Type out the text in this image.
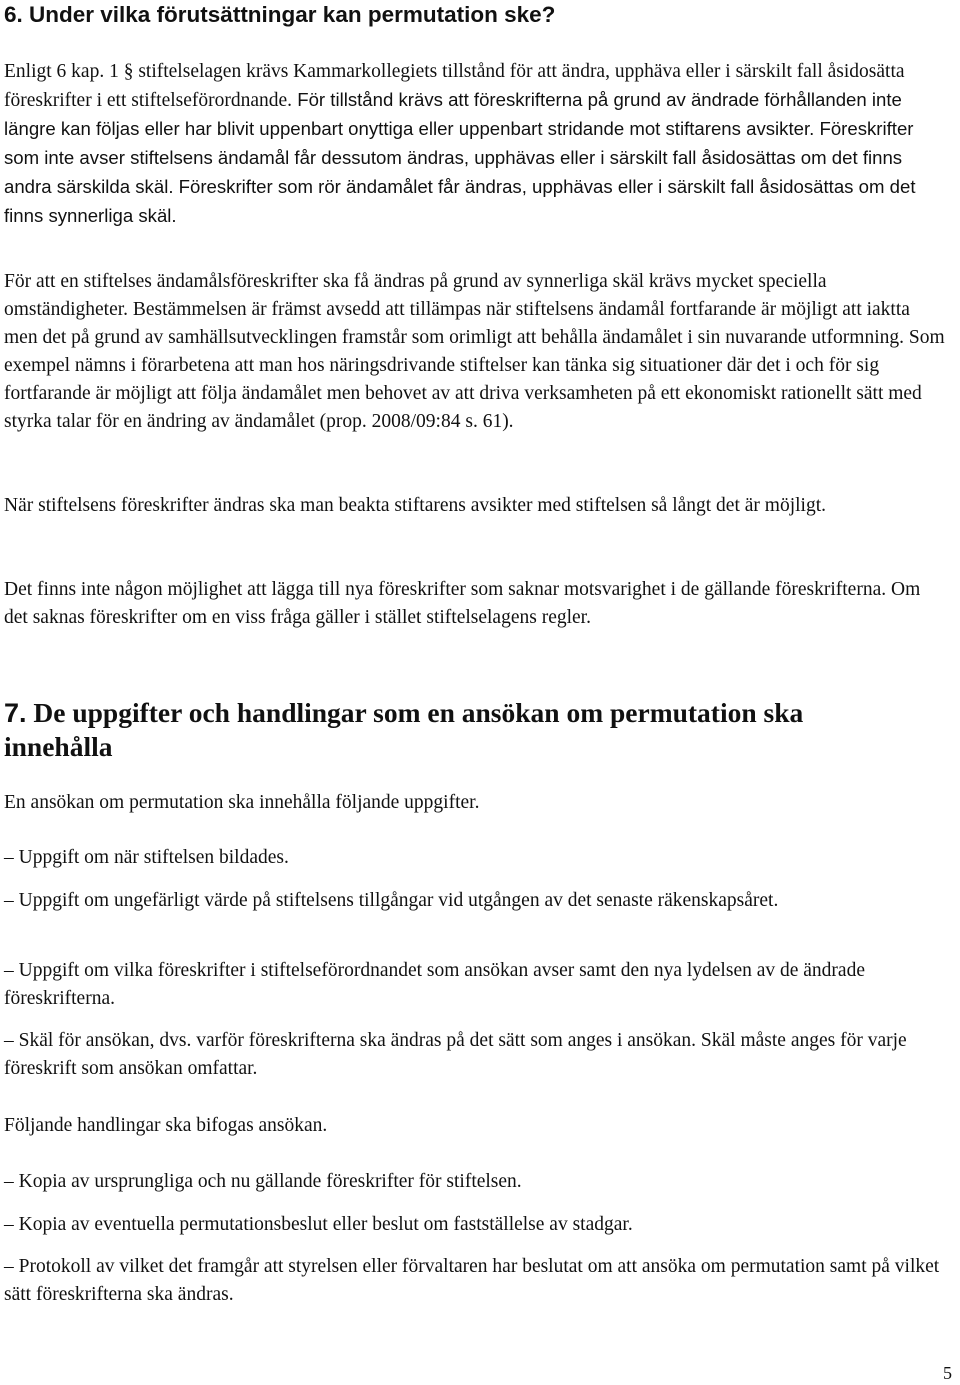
6. Under vilka förutsättningar kan permutation ske?

Enligt 6 kap. 1 § stiftelselagen krävs Kammarkollegiets tillstånd för att ändra, upphäva eller i särskilt fall åsidosätta föreskrifter i ett stiftelseförordnande. För tillstånd krävs att föreskrifterna på grund av ändrade förhållanden inte längre kan följas eller har blivit uppenbart onyttiga eller uppenbart stridande mot stiftarens avsikter. Föreskrifter som inte avser stiftelsens ändamål får dessutom ändras, upphävas eller i särskilt fall åsidosättas om det finns andra särskilda skäl. Föreskrifter som rör ändamålet får ändras, upphävas eller i särskilt fall åsidosättas om det finns synnerliga skäl.

För att en stiftelses ändamålsföreskrifter ska få ändras på grund av synnerliga skäl krävs mycket speciella omständigheter. Bestämmelsen är främst avsedd att tillämpas när stiftelsens ändamål fortfarande är möjligt att iaktta men det på grund av samhällsutvecklingen framstår som orimligt att behålla ändamålet i sin nuvarande utformning. Som exempel nämns i förarbetena att man hos näringsdrivande stiftelser kan tänka sig situationer där det i och för sig fortfarande är möjligt att följa ändamålet men behovet av att driva verksamheten på ett ekonomiskt rationellt sätt med styrka talar för en ändring av ändamålet (prop. 2008/09:84 s. 61).

När stiftelsens föreskrifter ändras ska man beakta stiftarens avsikter med stiftelsen så långt det är möjligt.

Det finns inte någon möjlighet att lägga till nya föreskrifter som saknar motsvarighet i de gällande föreskrifterna. Om det saknas föreskrifter om en viss fråga gäller i stället stiftelselagens regler.

7. De uppgifter och handlingar som en ansökan om permutation ska innehålla

En ansökan om permutation ska innehålla följande uppgifter.

– Uppgift om när stiftelsen bildades.

– Uppgift om ungefärligt värde på stiftelsens tillgångar vid utgången av det senaste räkenskapsåret.

– Uppgift om vilka föreskrifter i stiftelseförordnandet som ansökan avser samt den nya lydelsen av de ändrade föreskrifterna.

– Skäl för ansökan, dvs. varför föreskrifterna ska ändras på det sätt som anges i ansökan. Skäl måste anges för varje föreskrift som ansökan omfattar.

Följande handlingar ska bifogas ansökan.

– Kopia av ursprungliga och nu gällande föreskrifter för stiftelsen.

– Kopia av eventuella permutationsbeslut eller beslut om fastställelse av stadgar.

– Protokoll av vilket det framgår att styrelsen eller förvaltaren har beslutat om att ansöka om permutation samt på vilket sätt föreskrifterna ska ändras.

5
